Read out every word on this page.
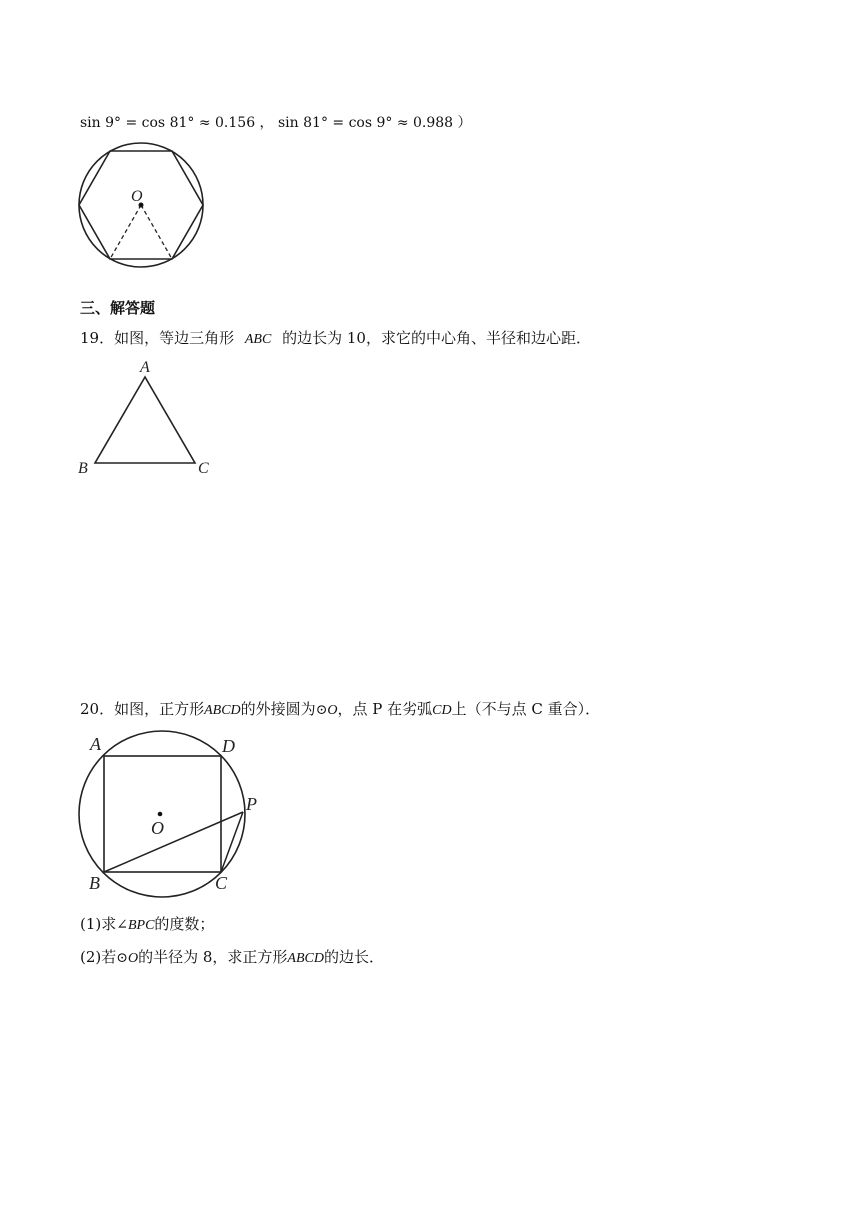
sin 9° = cos 81° ≈ 0.156 ， sin 81° = cos 9° ≈ 0.988 ）
O
三、解答题
19．如图，等边三角形 ABC 的边长为 10，求它的中心角、半径和边心距．
A
B	C
20．如图，正方形ABCD的外接圆为⊙O，点 P 在劣弧CD上（不与点 C 重合）．
A	D
O
P
B	C
(1)求∠BPC的度数；
(2)若⊙O的半径为 8，求正方形ABCD的边长．
